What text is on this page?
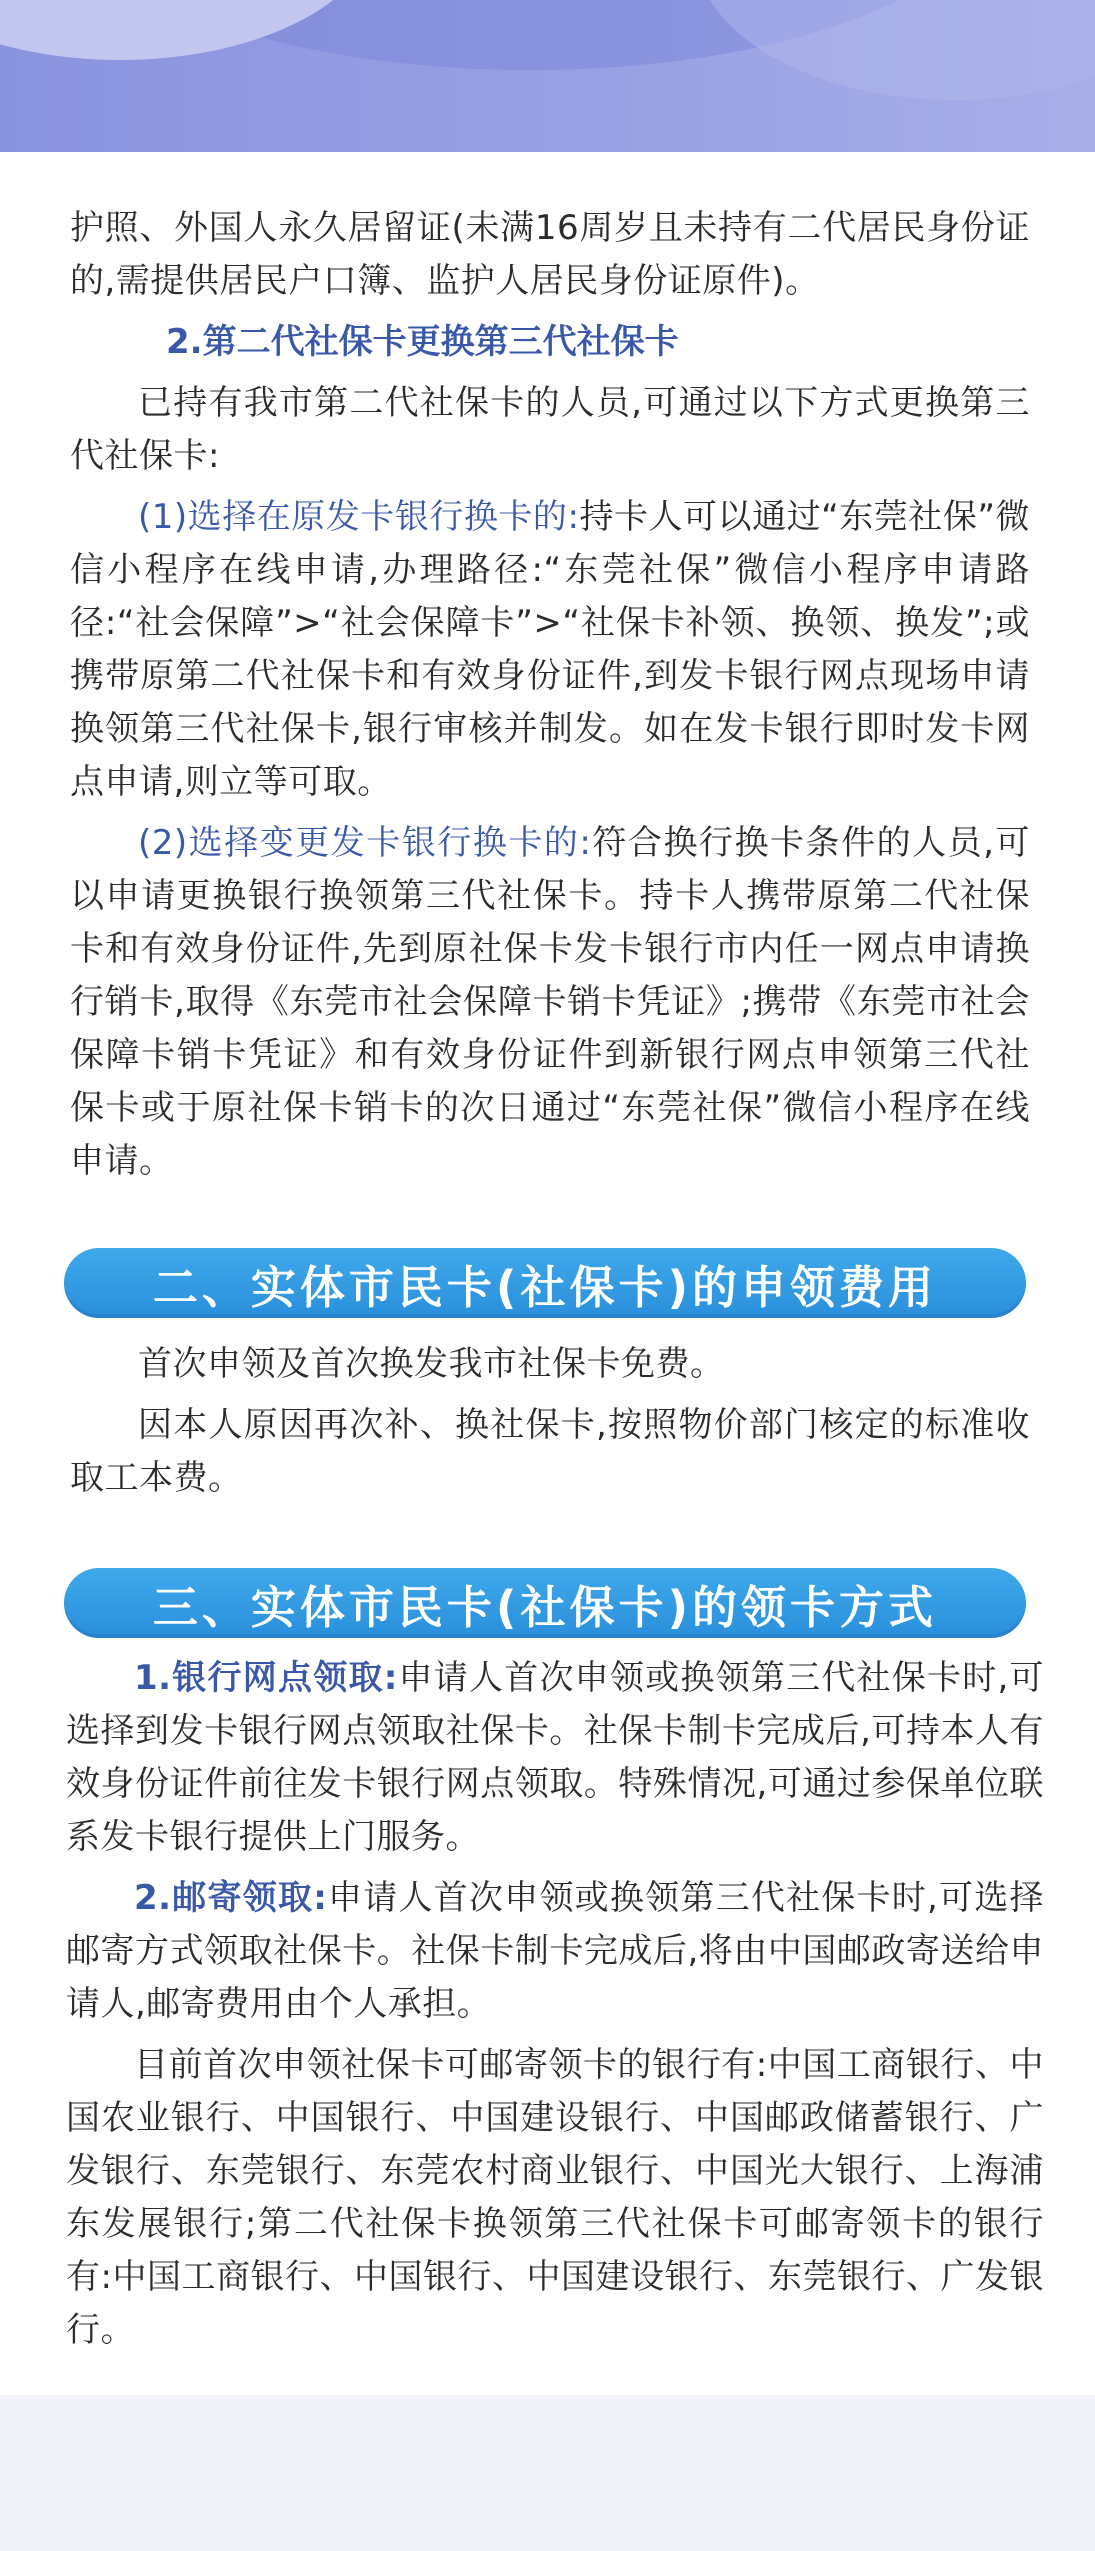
护照、外国人永久居留证(未满16周岁且未持有二代居民身份证的,需提供居民户口簿、监护人居民身份证原件)。

2.第二代社保卡更换第三代社保卡

已持有我市第二代社保卡的人员,可通过以下方式更换第三代社保卡:

(1)选择在原发卡银行换卡的:持卡人可以通过“东莞社保”微信小程序在线申请,办理路径:“东莞社保”微信小程序申请路径:“社会保障”>“社会保障卡”>“社保卡补领、换领、换发”;或携带原第二代社保卡和有效身份证件,到发卡银行网点现场申请换领第三代社保卡,银行审核并制发。如在发卡银行即时发卡网点申请,则立等可取。

(2)选择变更发卡银行换卡的:符合换行换卡条件的人员,可以申请更换银行换领第三代社保卡。持卡人携带原第二代社保卡和有效身份证件,先到原社保卡发卡银行市内任一网点申请换行销卡,取得《东莞市社会保障卡销卡凭证》;携带《东莞市社会保障卡销卡凭证》和有效身份证件到新银行网点申领第三代社保卡或于原社保卡销卡的次日通过“东莞社保”微信小程序在线申请。

二、实体市民卡(社保卡)的申领费用

首次申领及首次换发我市社保卡免费。

因本人原因再次补、换社保卡,按照物价部门核定的标准收取工本费。

三、实体市民卡(社保卡)的领卡方式

1.银行网点领取:申请人首次申领或换领第三代社保卡时,可选择到发卡银行网点领取社保卡。社保卡制卡完成后,可持本人有效身份证件前往发卡银行网点领取。特殊情况,可通过参保单位联系发卡银行提供上门服务。

2.邮寄领取:申请人首次申领或换领第三代社保卡时,可选择邮寄方式领取社保卡。社保卡制卡完成后,将由中国邮政寄送给申请人,邮寄费用由个人承担。

目前首次申领社保卡可邮寄领卡的银行有:中国工商银行、中国农业银行、中国银行、中国建设银行、中国邮政储蓄银行、广发银行、东莞银行、东莞农村商业银行、中国光大银行、上海浦东发展银行;第二代社保卡换领第三代社保卡可邮寄领卡的银行有:中国工商银行、中国银行、中国建设银行、东莞银行、广发银行。
